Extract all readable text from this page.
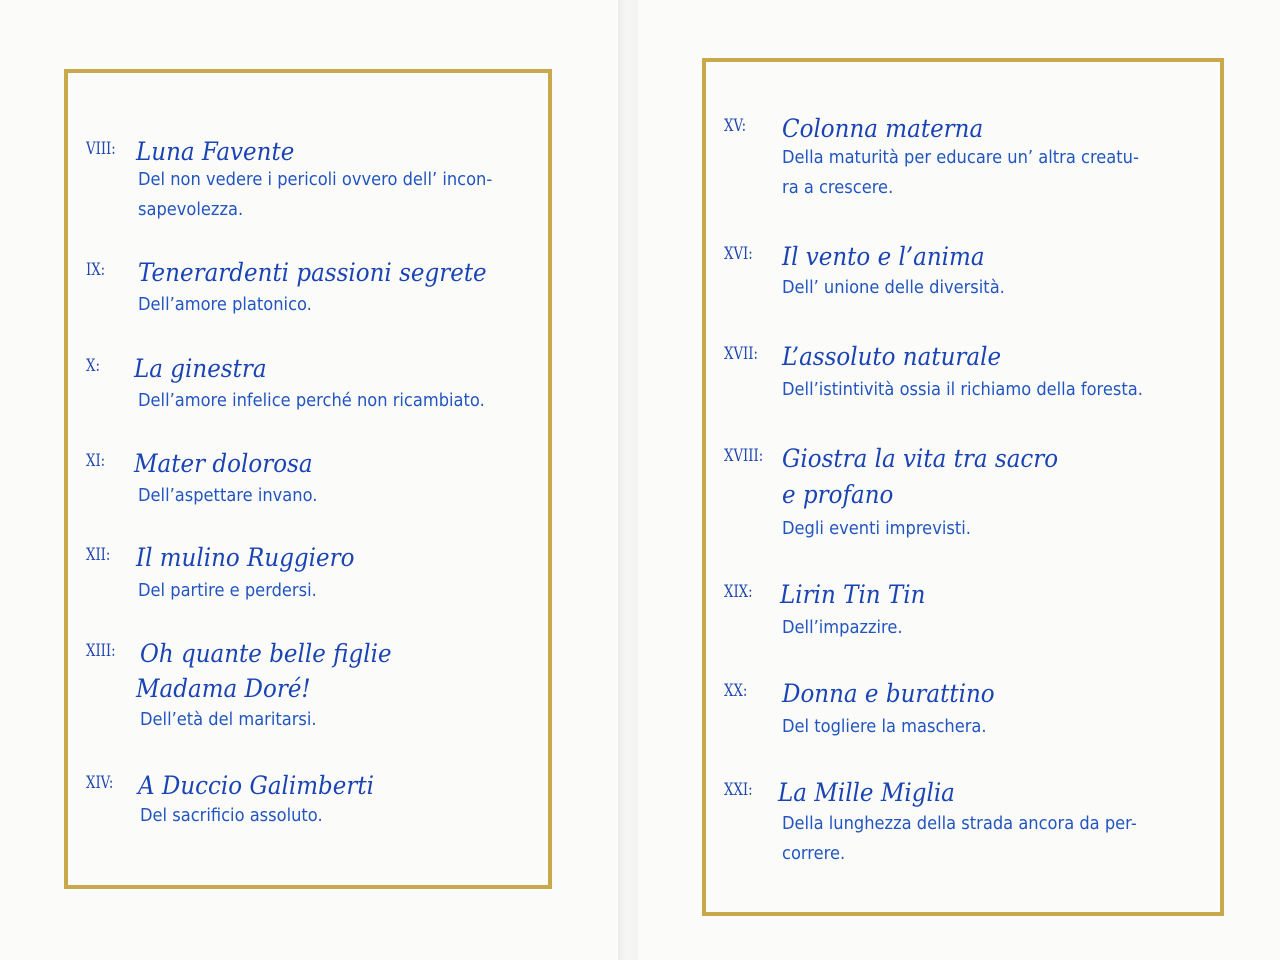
VIII: Luna Favente
Del non vedere i pericoli ovvero dell’ incon-
sapevolezza.
IX: Tenerardenti passioni segrete
Dell’amore platonico.
X: La ginestra
Dell’amore infelice perché non ricambiato.
XI: Mater dolorosa
Dell’aspettare invano.
XII: Il mulino Ruggiero
Del partire e perdersi.
XIII: Oh quante belle figlie
Madama Doré!
Dell’età del maritarsi.
XIV: A Duccio Galimberti
Del sacrificio assoluto.
XV: Colonna materna
Della maturità per educare un’ altra creatu-
ra a crescere.
XVI: Il vento e l’anima
Dell’ unione delle diversità.
XVII: L’assoluto naturale
Dell’istintività ossia il richiamo della foresta.
XVIII: Giostra la vita tra sacro
e profano
Degli eventi imprevisti.
XIX: Lirin Tin Tin
Dell’impazzire.
XX: Donna e burattino
Del togliere la maschera.
XXI: La Mille Miglia
Della lunghezza della strada ancora da per-
correre.
